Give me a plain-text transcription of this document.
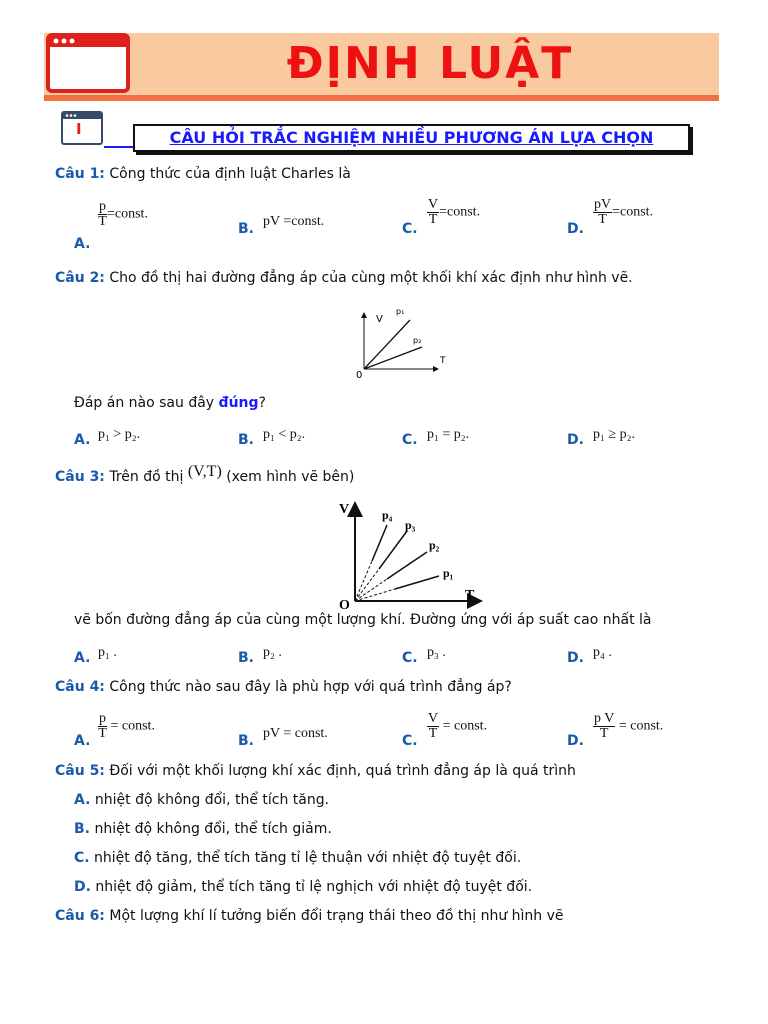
ĐỊNH LUẬT
I	CÂU HỎI TRẮC NGHIỆM NHIỀU PHƯƠNG ÁN LỰA CHỌN
Câu 1: Công thức của định luật Charles là
A.
$\frac{p}{T}$ =const.
B. pV =const.	C.
$\frac{V}{T}$ =const.
D.
$\frac{pV}{T}$ =const.
Câu 2: Cho đồ thị hai đường đẳng áp của cùng một khối khí xác định như hình vẽ.
V
T
0
p₁
p₂
Đáp án nào sau đây đúng?
A. p₁ > p₂.	B. p₁ < p₂.	C. p₁ = p₂.	D. p₁ ≥ p₂.
Câu 3: Trên đồ thị (V,T) (xem hình vẽ bên)
V
T
O
p₄
p₃
p₂
p₁
vẽ bốn đường đẳng áp của cùng một lượng khí. Đường ứng với áp suất cao nhất là
A. p₁ .	B. p₂ .	C. p₃ .	D. p₄ .
Câu 4: Công thức nào sau đây là phù hợp với quá trình đẳng áp?
A. $\frac{p}{T}$ = const.
B. pV = const.	C. $\frac{V}{T}$ = const.
D. $\frac{\text{p V}}{T}$ = const.
Câu 5: Đối với một khối lượng khí xác định, quá trình đẳng áp là quá trình
A. nhiệt độ không đổi, thể tích tăng.
B. nhiệt độ không đổi, thể tích giảm.
C. nhiệt độ tăng, thể tích tăng tỉ lệ thuận với nhiệt độ tuyệt đối.
D. nhiệt độ giảm, thể tích tăng tỉ lệ nghịch với nhiệt độ tuyệt đối.
Câu 6: Một lượng khí lí tưởng biến đổi trạng thái theo đồ thị như hình vẽ
